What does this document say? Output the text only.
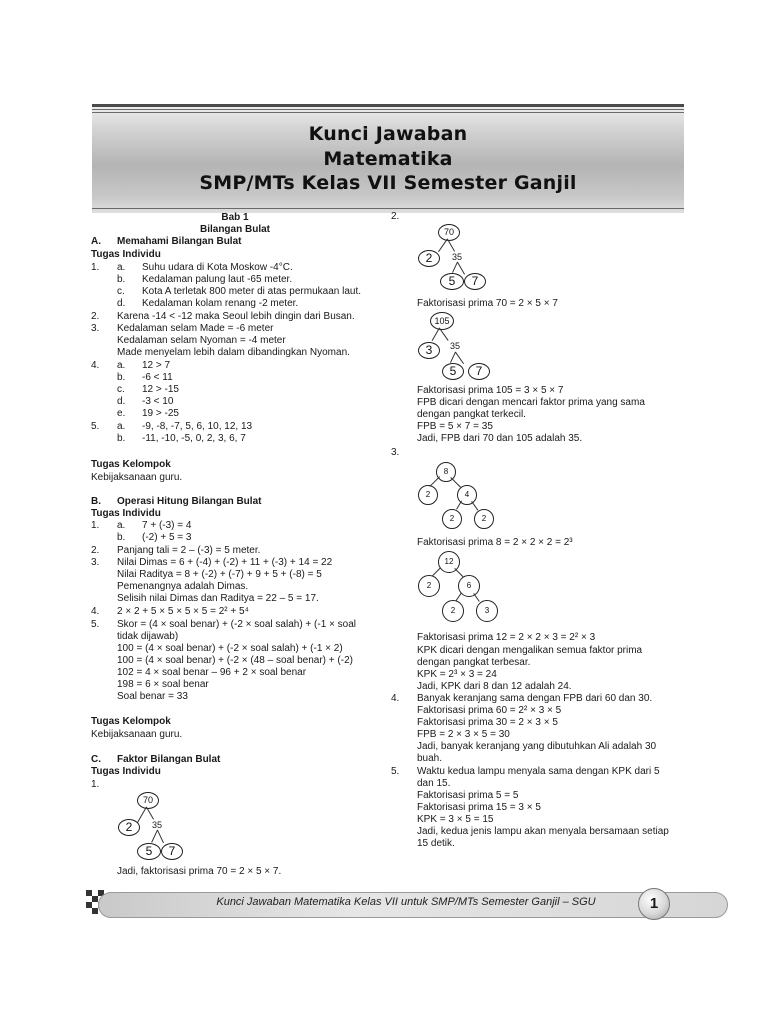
Kunci Jawaban
Matematika
SMP/MTs Kelas VII Semester Ganjil
Bab 1
Bilangan Bulat
A. Memahami Bilangan Bulat
Tugas Individu
1. a. Suhu udara di Kota Moskow -4°C.
b. Kedalaman palung laut -65 meter.
c. Kota A terletak 800 meter di atas permukaan laut.
d. Kedalaman kolam renang -2 meter.
2. Karena -14 < -12 maka Seoul lebih dingin dari Busan.
3. Kedalaman selam Made = -6 meter
Kedalaman selam Nyoman = -4 meter
Made menyelam lebih dalam dibandingkan Nyoman.
4. a. 12 > 7
b. -6 < 11
c. 12 > -15
d. -3 < 10
e. 19 > -25
5. a. -9, -8, -7, 5, 6, 10, 12, 13
b. -11, -10, -5, 0, 2, 3, 6, 7
Tugas Kelompok
Kebijaksanaan guru.
B. Operasi Hitung Bilangan Bulat
Tugas Individu
1. a. 7 + (-3) = 4
b. (-2) + 5 = 3
2. Panjang tali = 2 – (-3) = 5 meter.
3. Nilai Dimas = 6 + (-4) + (-2) + 11 + (-3) + 14 = 22
Nilai Raditya = 8 + (-2) + (-7) + 9 + 5 + (-8) = 5
Pemenangnya adalah Dimas.
Selisih nilai Dimas dan Raditya = 22 – 5 = 17.
4. 2 × 2 + 5 × 5 × 5 × 5 = 2² + 5⁴
5. Skor = (4 × soal benar) + (-2 × soal salah) + (-1 × soal
tidak dijawab)
100 = (4 × soal benar) + (-2 × soal salah) + (-1 × 2)
100 = (4 × soal benar) + (-2 × (48 – soal benar) + (-2)
102 = 4 × soal benar – 96 + 2 × soal benar
198 = 6 × soal benar
Soal benar = 33
Tugas Kelompok
Kebijaksanaan guru.
C. Faktor Bilangan Bulat
Tugas Individu
1.
70
2	35
5	7
Jadi, faktorisasi prima 70 = 2 × 5 × 7.
2.
70
2	35
5	7
Faktorisasi prima 70 = 2 × 5 × 7
105
3	35
5	7
Faktorisasi prima 105 = 3 × 5 × 7
FPB dicari dengan mencari faktor prima yang sama
dengan pangkat terkecil.
FPB = 5 × 7 = 35
Jadi, FPB dari 70 dan 105 adalah 35.
3.
8
2	4
2	2
Faktorisasi prima 8 = 2 × 2 × 2 = 2³
12
2	6
2	3
Faktorisasi prima 12 = 2 × 2 × 3 = 2² × 3
KPK dicari dengan mengalikan semua faktor prima
dengan pangkat terbesar.
KPK = 2³ × 3 = 24
Jadi, KPK dari 8 dan 12 adalah 24.
4. Banyak keranjang sama dengan FPB dari 60 dan 30.
Faktorisasi prima 60 = 2² × 3 × 5
Faktorisasi prima 30 = 2 × 3 × 5
FPB = 2 × 3 × 5 = 30
Jadi, banyak keranjang yang dibutuhkan Ali adalah 30
buah.
5. Waktu kedua lampu menyala sama dengan KPK dari 5
dan 15.
Faktorisasi prima 5 = 5
Faktorisasi prima 15 = 3 × 5
KPK = 3 × 5 = 15
Jadi, kedua jenis lampu akan menyala bersamaan setiap
15 detik.
Kunci Jawaban Matematika Kelas VII untuk SMP/MTs Semester Ganjil – SGU	1
